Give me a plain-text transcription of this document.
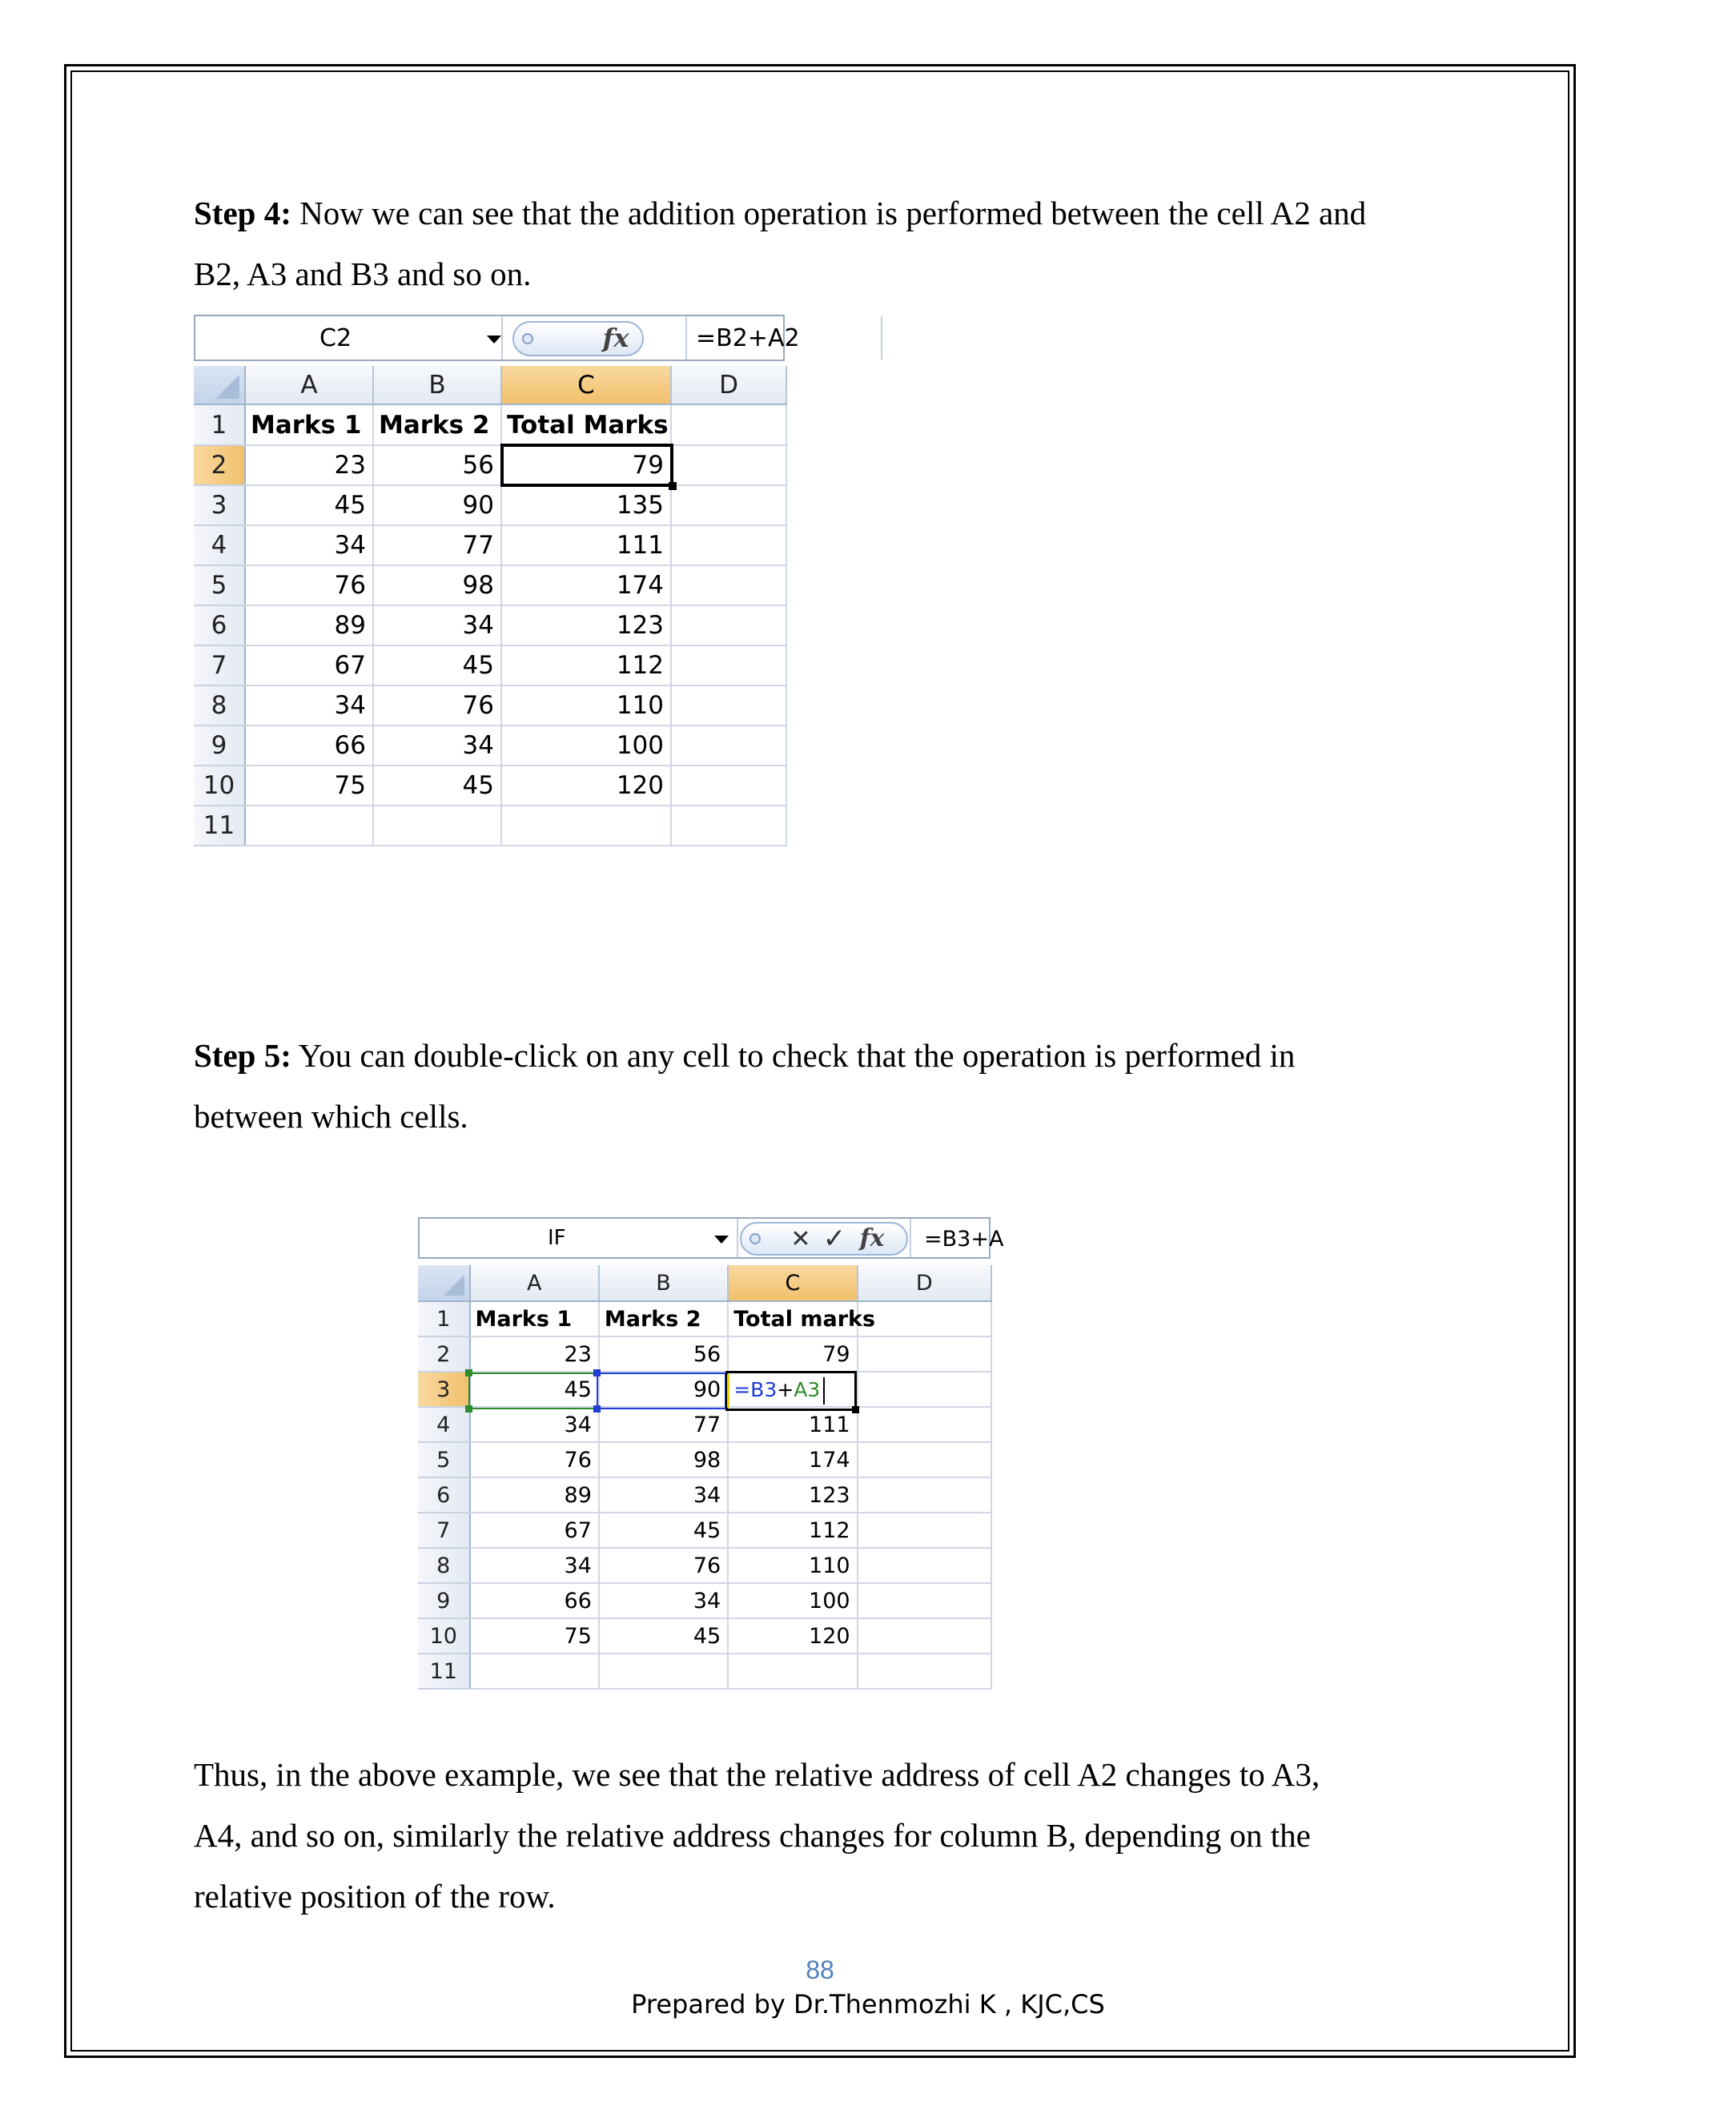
Step 4: Now we can see that the addition operation is performed between the cell A2 and
B2, A3 and B3 and so on.

C2	fx	=B2+A2
	A	B	C	D
1	Marks 1	Marks 2	Total Marks	
2	23	56	79	
3	45	90	135	
4	34	77	111	
5	76	98	174	
6	89	34	123	
7	67	45	112	
8	34	76	110	
9	66	34	100	
10	75	45	120	
11				

Step 5: You can double-click on any cell to check that the operation is performed in
between which cells.

IF	✕ ✓ fx	=B3+A
	A	B	C	D
1	Marks 1	Marks 2	Total marks	
2	23	56	79	
3	45	90	=B3+A3	
4	34	77	111	
5	76	98	174	
6	89	34	123	
7	67	45	112	
8	34	76	110	
9	66	34	100	
10	75	45	120	
11				

Thus, in the above example, we see that the relative address of cell A2 changes to A3,
A4, and so on, similarly the relative address changes for column B, depending on the
relative position of the row.

88
Prepared by Dr.Thenmozhi K , KJC,CS
